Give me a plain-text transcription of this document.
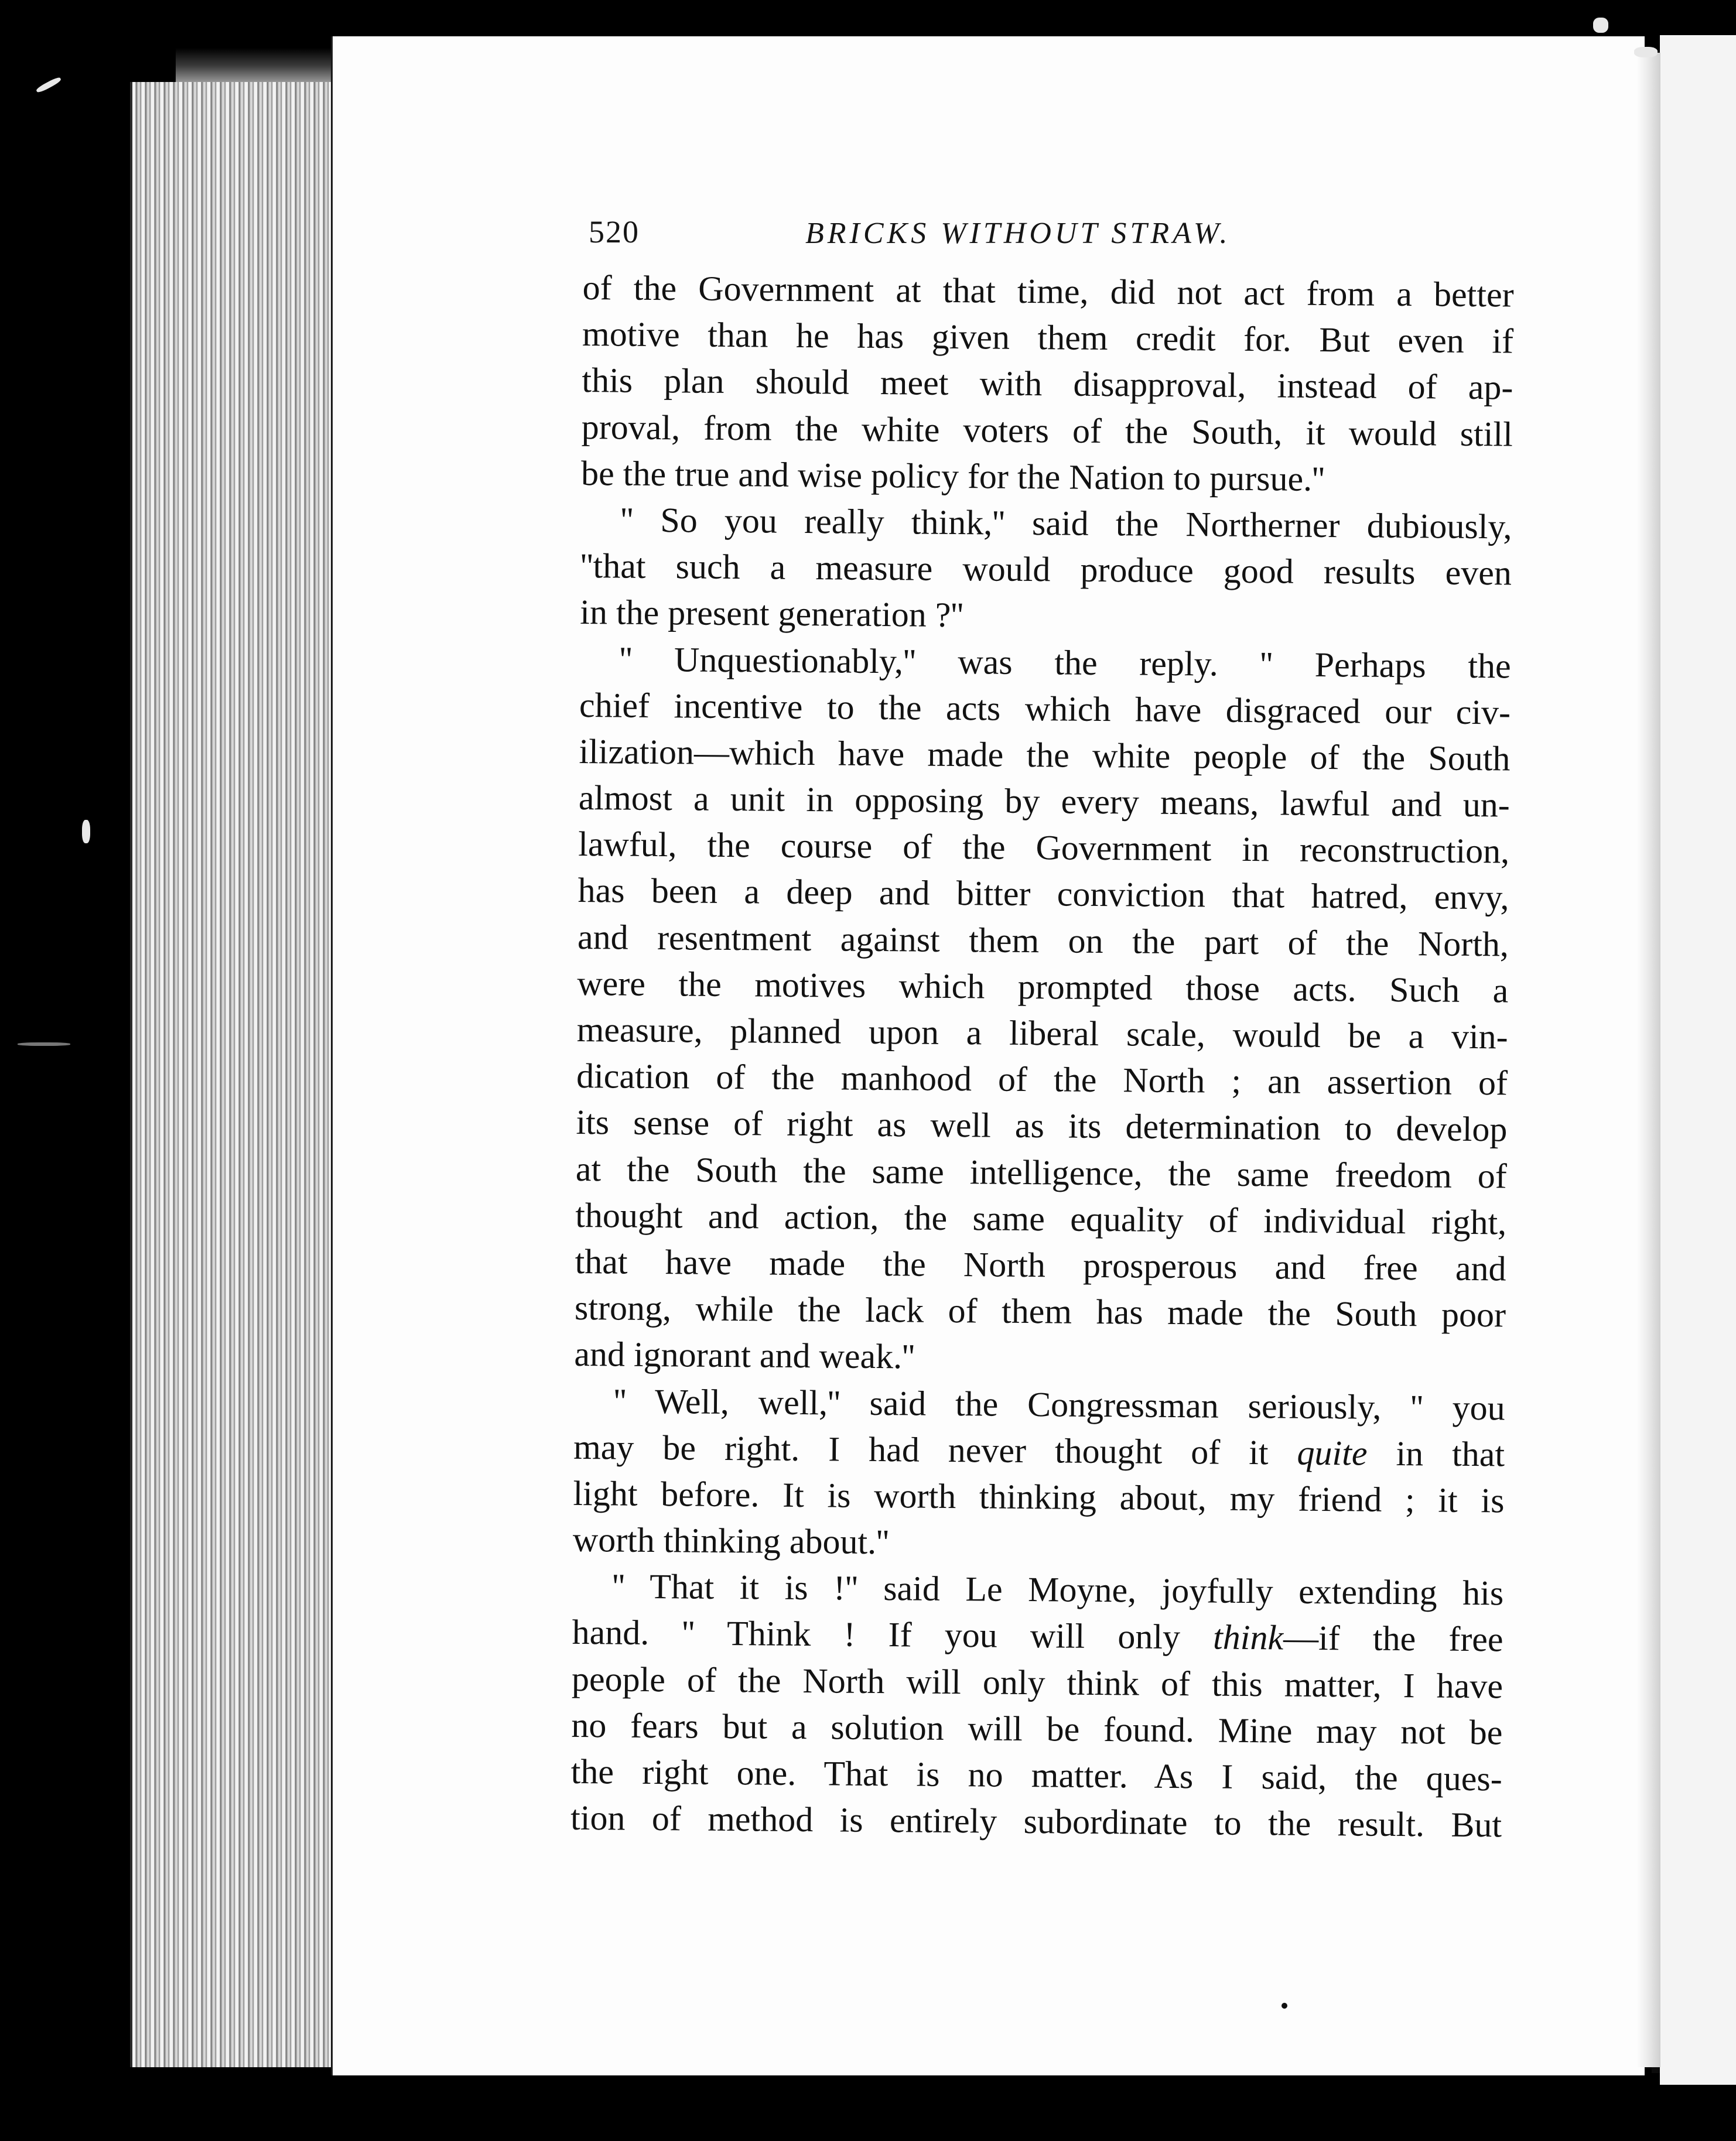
520	BRICKS WITHOUT STRAW.
of the Government at that time, did not act from a better
motive than he has given them credit for. But even if
this plan should meet with disapproval, instead of ap-
proval, from the white voters of the South, it would still
be the true and wise policy for the Nation to pursue.''
'' So you really think,'' said the Northerner dubiously,
''that such a measure would produce good results even
in the present generation ?''
'' Unquestionably,'' was the reply. '' Perhaps the
chief incentive to the acts which have disgraced our civ-
ilization—which have made the white people of the South
almost a unit in opposing by every means, lawful and un-
lawful, the course of the Government in reconstruction,
has been a deep and bitter conviction that hatred, envy,
and resentment against them on the part of the North,
were the motives which prompted those acts. Such a
measure, planned upon a liberal scale, would be a vin-
dication of the manhood of the North ; an assertion of
its sense of right as well as its determination to develop
at the South the same intelligence, the same freedom of
thought and action, the same equality of individual right,
that have made the North prosperous and free and
strong, while the lack of them has made the South poor
and ignorant and weak.''
'' Well, well,'' said the Congressman seriously, '' you
may be right. I had never thought of it quite in that
light before. It is worth thinking about, my friend ; it is
worth thinking about.''
'' That it is !'' said Le Moyne, joyfully extending his
hand. '' Think ! If you will only think—if the free
people of the North will only think of this matter, I have
no fears but a solution will be found. Mine may not be
the right one. That is no matter. As I said, the ques-
tion of method is entirely subordinate to the result. But
